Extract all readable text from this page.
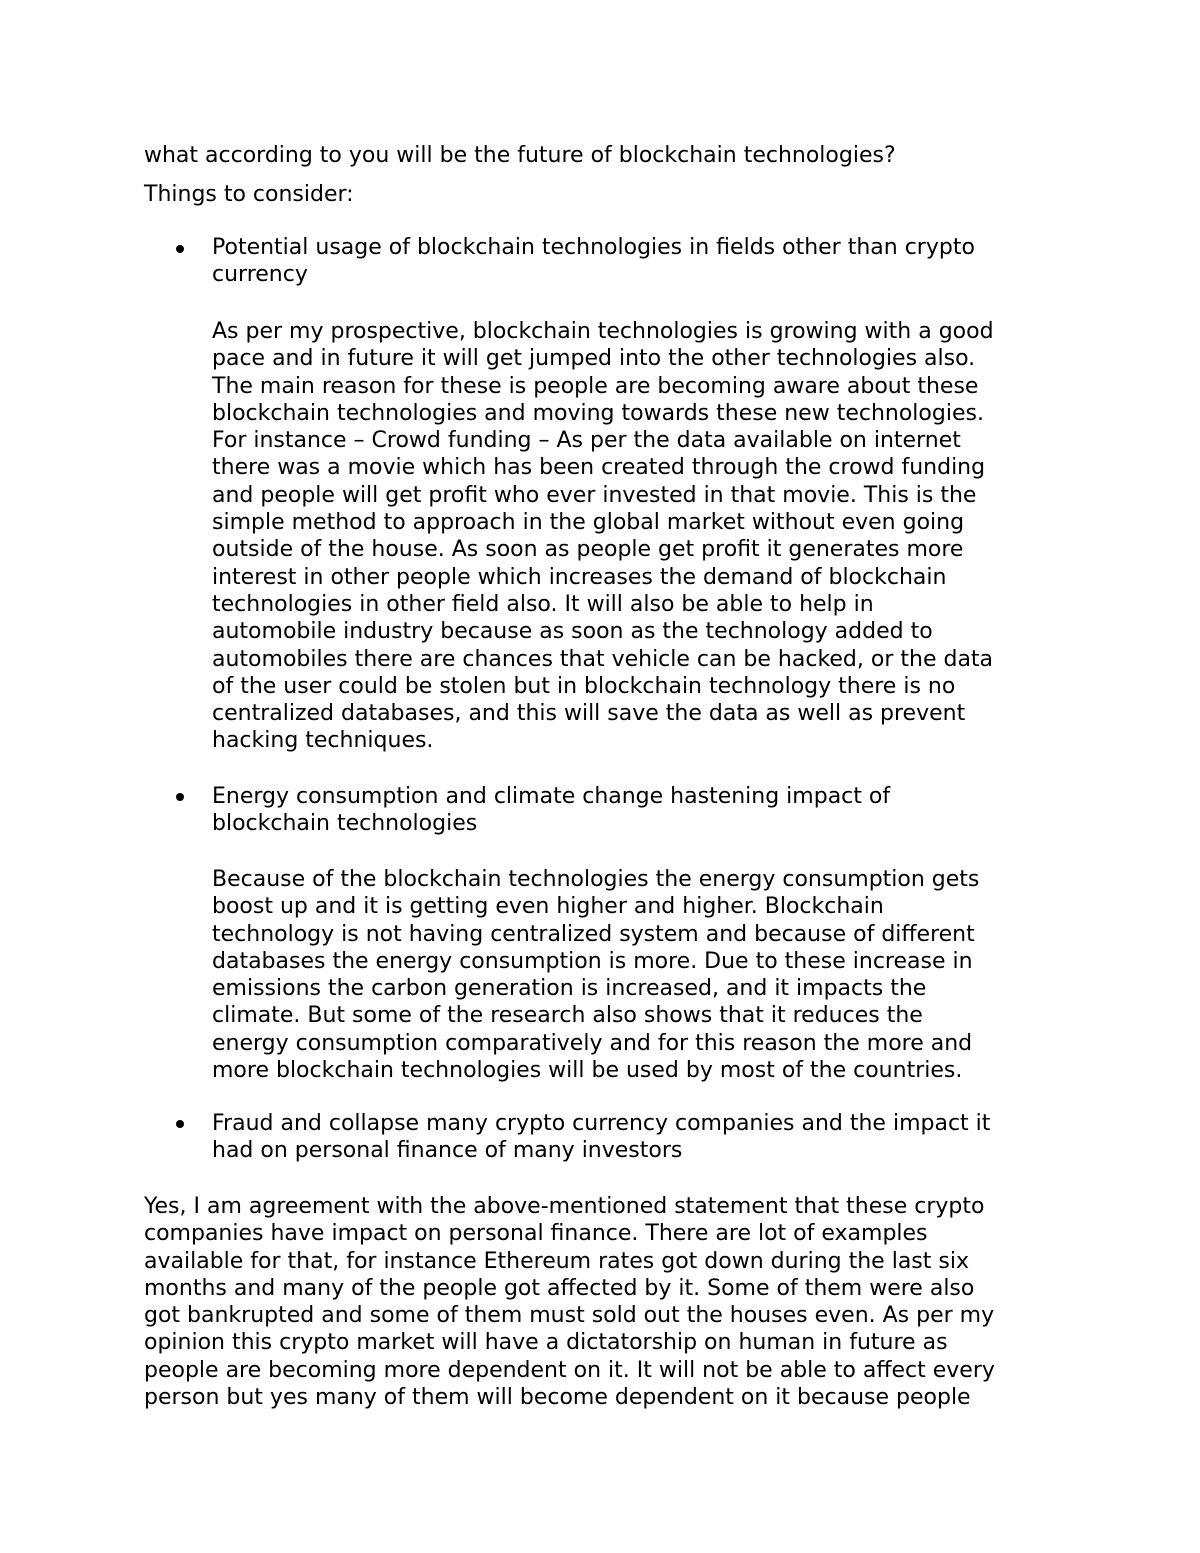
what according to you will be the future of blockchain technologies?

Things to consider:

Potential usage of blockchain technologies in fields other than crypto
currency

As per my prospective, blockchain technologies is growing with a good
pace and in future it will get jumped into the other technologies also.
The main reason for these is people are becoming aware about these
blockchain technologies and moving towards these new technologies.
For instance – Crowd funding – As per the data available on internet
there was a movie which has been created through the crowd funding
and people will get profit who ever invested in that movie. This is the
simple method to approach in the global market without even going
outside of the house. As soon as people get profit it generates more
interest in other people which increases the demand of blockchain
technologies in other field also. It will also be able to help in
automobile industry because as soon as the technology added to
automobiles there are chances that vehicle can be hacked, or the data
of the user could be stolen but in blockchain technology there is no
centralized databases, and this will save the data as well as prevent
hacking techniques.

Energy consumption and climate change hastening impact of
blockchain technologies

Because of the blockchain technologies the energy consumption gets
boost up and it is getting even higher and higher. Blockchain
technology is not having centralized system and because of different
databases the energy consumption is more. Due to these increase in
emissions the carbon generation is increased, and it impacts the
climate. But some of the research also shows that it reduces the
energy consumption comparatively and for this reason the more and
more blockchain technologies will be used by most of the countries.

Fraud and collapse many crypto currency companies and the impact it
had on personal finance of many investors

Yes, I am agreement with the above-mentioned statement that these crypto
companies have impact on personal finance. There are lot of examples
available for that, for instance Ethereum rates got down during the last six
months and many of the people got affected by it. Some of them were also
got bankrupted and some of them must sold out the houses even. As per my
opinion this crypto market will have a dictatorship on human in future as
people are becoming more dependent on it. It will not be able to affect every
person but yes many of them will become dependent on it because people
